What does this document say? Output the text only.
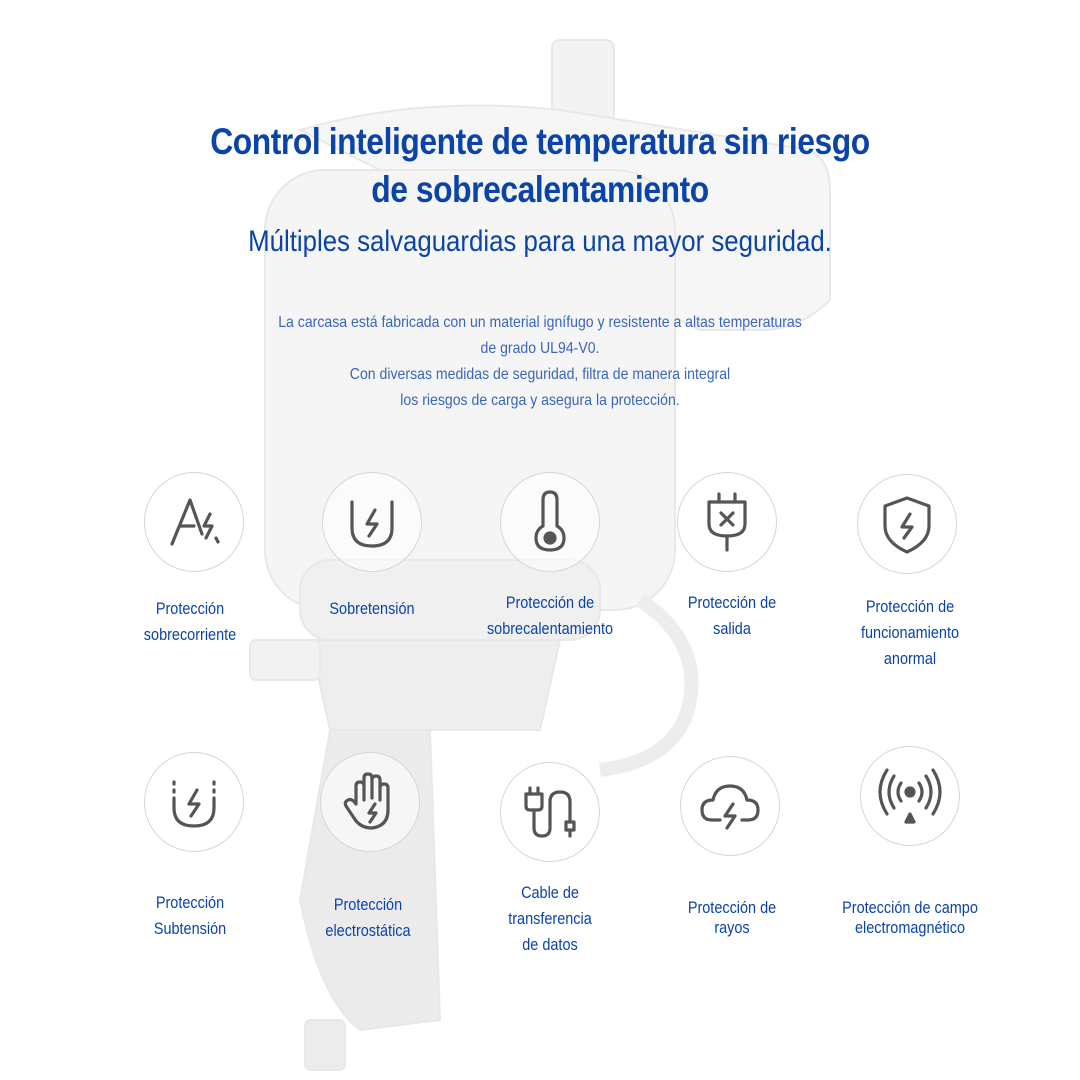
Control inteligente de temperatura sin riesgo
de sobrecalentamiento

Múltiples salvaguardias para una mayor seguridad.

La carcasa está fabricada con un material ignífugo y resistente a altas temperaturas
de grado UL94-V0.
Con diversas medidas de seguridad, filtra de manera integral
los riesgos de carga y asegura la protección.

Protección
sobrecorriente

Sobretensión	Protección de
sobrecalentamiento

Protección de
salida

Protección de
funcionamiento
anormal

Protección
Subtensión

Protección
electrostática

Cable de
transferencia
de datos

Protección de
rayos

Protección de campo
electromagnético
